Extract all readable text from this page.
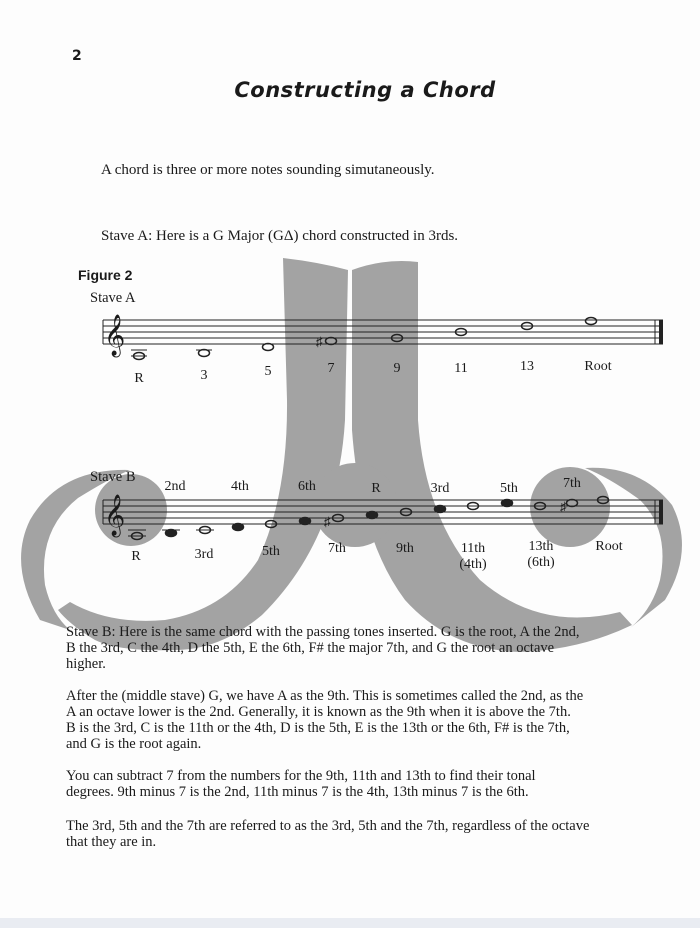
2
Constructing a Chord
A chord is three or more notes sounding simutaneously.
Stave A: Here is a G Major (GΔ) chord constructed in 3rds.
Figure 2
Stave A
𝄞	♯
R	3	5	7	9	11	13	Root
Stave B
2nd	4th	6th	R	3rd	5th	7th
𝄞	♯
♯
R	3rd	5th	7th	9th	11th
(4th)
13th
(6th)
Root
Stave B: Here is the same chord with the passing tones inserted. G is the root, A the 2nd,
B the 3rd, C the 4th, D the 5th, E the 6th, F# the major 7th, and G the root an octave
higher.
After the (middle stave) G, we have A as the 9th. This is sometimes called the 2nd, as the
A an octave lower is the 2nd. Generally, it is known as the 9th when it is above the 7th.
B is the 3rd, C is the 11th or the 4th, D is the 5th, E is the 13th or the 6th, F# is the 7th,
and G is the root again.
You can subtract 7 from the numbers for the 9th, 11th and 13th to find their tonal
degrees. 9th minus 7 is the 2nd, 11th minus 7 is the 4th, 13th minus 7 is the 6th.
The 3rd, 5th and the 7th are referred to as the 3rd, 5th and the 7th, regardless of the octave
that they are in.
